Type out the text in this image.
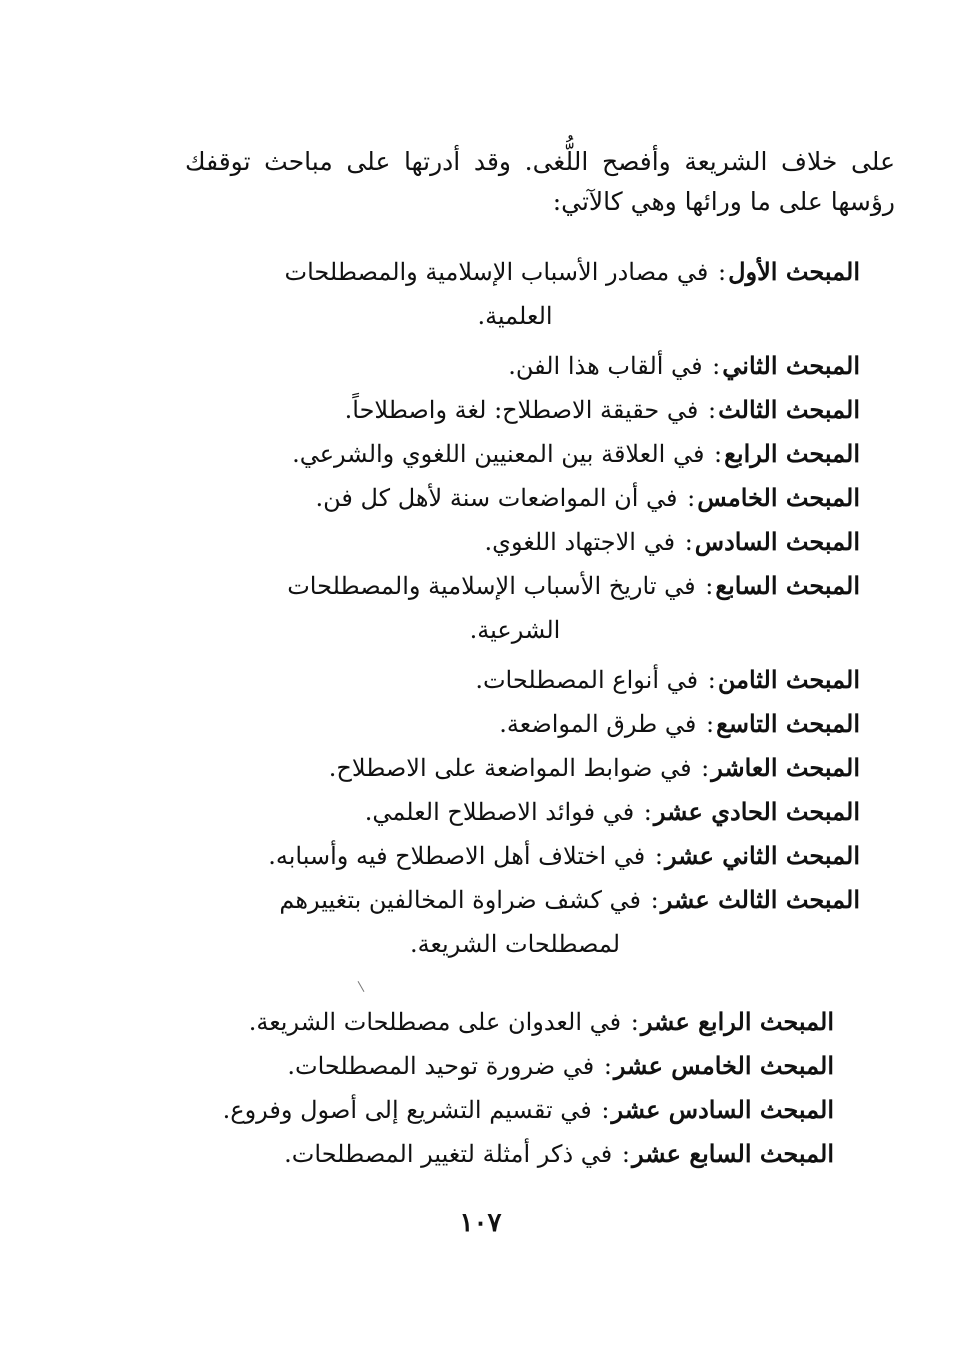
على خلاف الشريعة وأفصح اللُّغى. وقد أدرتها على مباحث توقفك رؤسها على ما ورائها وهي كالآتي:
المبحث الأول: في مصادر الأسباب الإسلامية والمصطلحات
العلمية.
المبحث الثاني: في ألقاب هذا الفن.
المبحث الثالث: في حقيقة الاصطلاح: لغة واصطلاحاً.
المبحث الرابع: في العلاقة بين المعنيين اللغوي والشرعي.
المبحث الخامس: في أن المواضعات سنة لأهل كل فن.
المبحث السادس: في الاجتهاد اللغوي.
المبحث السابع: في تاريخ الأسباب الإسلامية والمصطلحات
الشرعية.
المبحث الثامن: في أنواع المصطلحات.
المبحث التاسع: في طرق المواضعة.
المبحث العاشر: في ضوابط المواضعة على الاصطلاح.
المبحث الحادي عشر: في فوائد الاصطلاح العلمي.
المبحث الثاني عشر: في اختلاف أهل الاصطلاح فيه وأسبابه.
المبحث الثالث عشر: في كشف ضراوة المخالفين بتغييرهم
لمصطلحات الشريعة.
المبحث الرابع عشر: في العدوان على مصطلحات الشريعة.
المبحث الخامس عشر: في ضرورة توحيد المصطلحات.
المبحث السادس عشر: في تقسيم التشريع إلى أصول وفروع.
المبحث السابع عشر: في ذكر أمثلة لتغيير المصطلحات.
١٠٧
